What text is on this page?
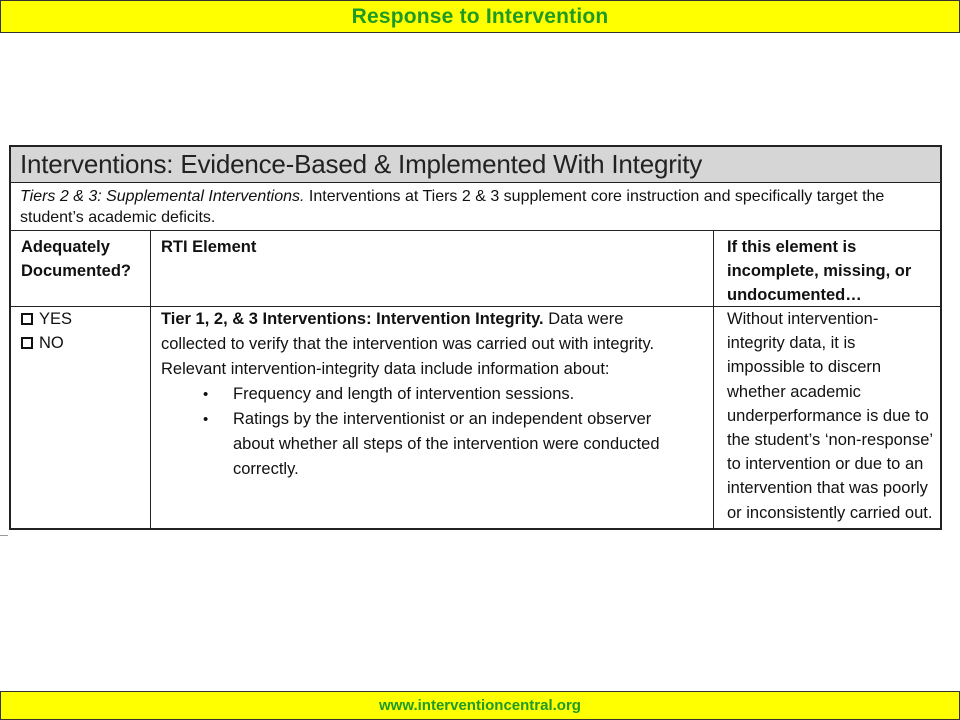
Response to Intervention
Interventions: Evidence-Based & Implemented With Integrity
Tiers 2 & 3: Supplemental Interventions. Interventions at Tiers 2 & 3 supplement core instruction and specifically target the student’s academic deficits.
Adequately
Documented?
RTI Element	If this element is
incomplete, missing, or
undocumented…
YES
NO
Tier 1, 2, & 3 Interventions: Intervention Integrity. Data were
collected to verify that the intervention was carried out with integrity.
Relevant intervention-integrity data include information about:
• Frequency and length of intervention sessions.
• Ratings by the interventionist or an independent observer
about whether all steps of the intervention were conducted
correctly.
Without intervention-
integrity data, it is
impossible to discern
whether academic
underperformance is due to
the student’s ‘non-response’
to intervention or due to an
intervention that was poorly
or inconsistently carried out.
www.interventioncentral.org
